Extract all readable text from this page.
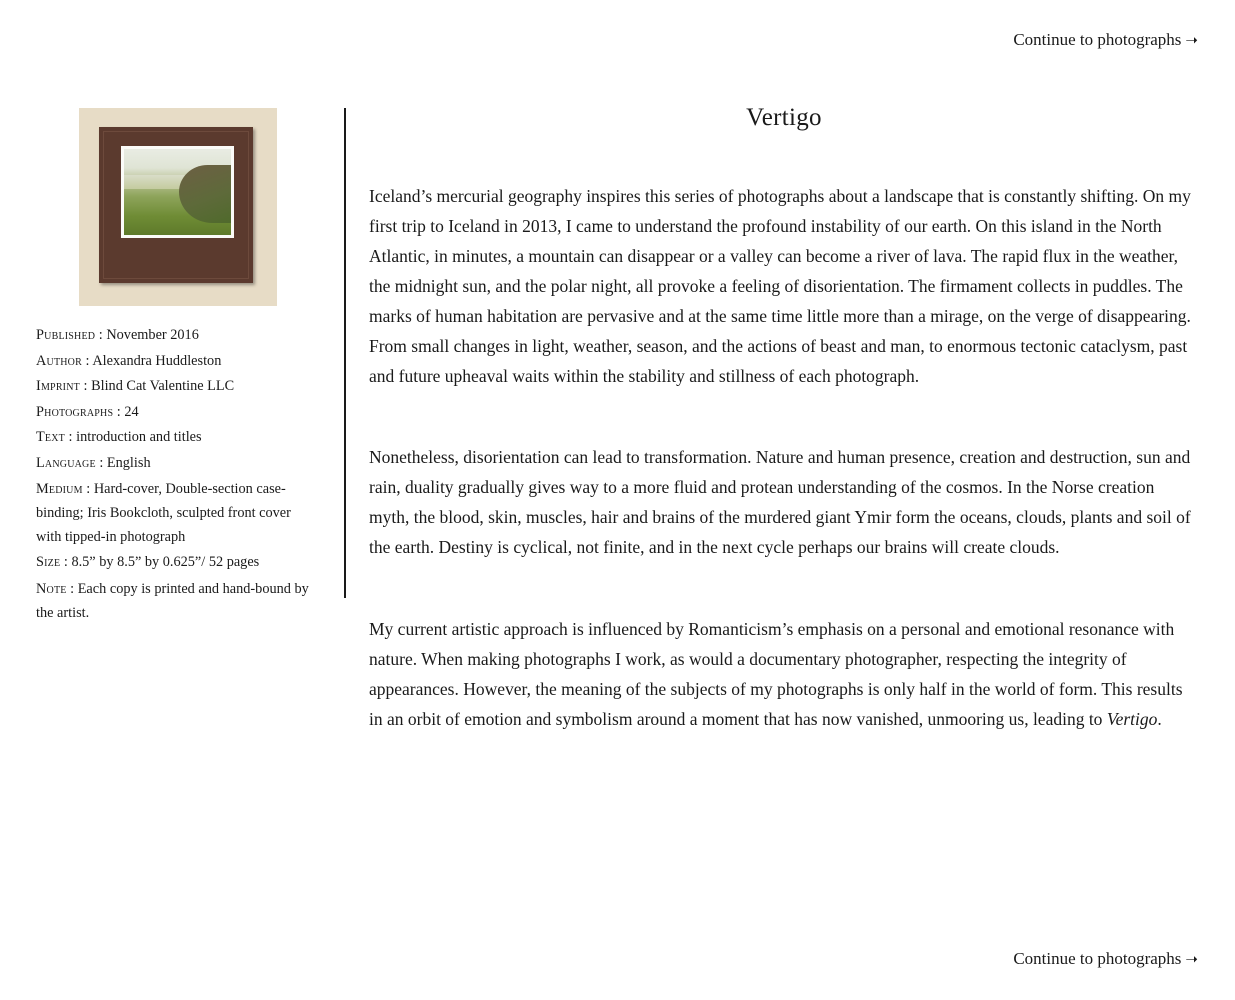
Continue to photographs ➝

Published : November 2016

Author : Alexandra Huddleston

Imprint : Blind Cat Valentine LLC

Photographs : 24

Text : introduction and titles

Language : English

Medium : Hard-cover, Double-section case-binding; Iris Bookcloth, sculpted front cover with tipped-in photograph

Size : 8.5” by 8.5” by 0.625”/ 52 pages

Note : Each copy is printed and hand-bound by the artist.

Vertigo

Iceland’s mercurial geography inspires this series of photographs about a landscape that is constantly shifting. On my first trip to Iceland in 2013, I came to understand the profound instability of our earth. On this island in the North Atlantic, in minutes, a mountain can disappear or a valley can become a river of lava. The rapid flux in the weather, the midnight sun, and the polar night, all provoke a feeling of disorientation. The firmament collects in puddles. The marks of human habitation are pervasive and at the same time little more than a mirage, on the verge of disappearing. From small changes in light, weather, season, and the actions of beast and man, to enormous tectonic cataclysm, past and future upheaval waits within the stability and stillness of each photograph.

Nonetheless, disorientation can lead to transformation. Nature and human presence, creation and destruction, sun and rain, duality gradually gives way to a more fluid and protean understanding of the cosmos. In the Norse creation myth, the blood, skin, muscles, hair and brains of the murdered giant Ymir form the oceans, clouds, plants and soil of the earth. Destiny is cyclical, not finite, and in the next cycle perhaps our brains will create clouds.

My current artistic approach is influenced by Romanticism’s emphasis on a personal and emotional resonance with nature. When making photographs I work, as would a documentary photographer, respecting the integrity of appearances. However, the meaning of the subjects of my photographs is only half in the world of form. This results in an orbit of emotion and symbolism around a moment that has now vanished, unmooring us, leading to Vertigo.

Continue to photographs ➝
